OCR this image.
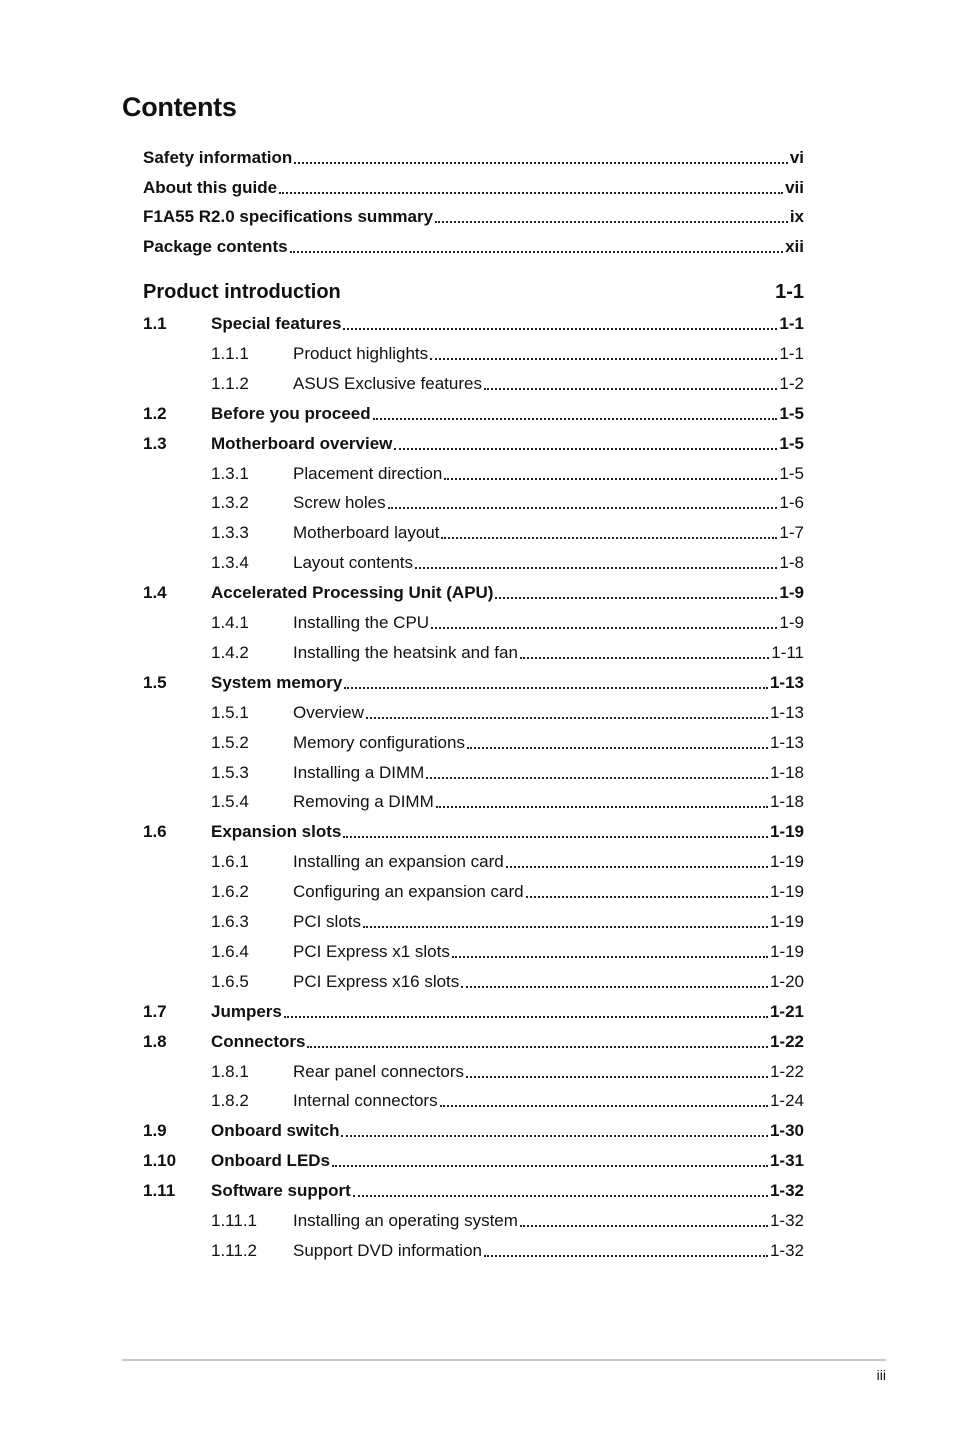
Contents
Safety information	vi
About this guide	vii
F1A55 R2.0 specifications summary	ix
Package contents	xii
Product introduction	1-1
1.1	Special features	1-1
1.1.1	Product highlights	1-1
1.1.2	ASUS Exclusive features	1-2
1.2	Before you proceed	1-5
1.3	Motherboard overview	1-5
1.3.1	Placement direction	1-5
1.3.2	Screw holes	1-6
1.3.3	Motherboard layout	1-7
1.3.4	Layout contents	1-8
1.4	Accelerated Processing Unit (APU)	1-9
1.4.1	Installing the CPU	1-9
1.4.2	Installing the heatsink and fan	1-11
1.5	System memory	1-13
1.5.1	Overview	1-13
1.5.2	Memory configurations	1-13
1.5.3	Installing a DIMM	1-18
1.5.4	Removing a DIMM	1-18
1.6	Expansion slots	1-19
1.6.1	Installing an expansion card	1-19
1.6.2	Configuring an expansion card	1-19
1.6.3	PCI slots	1-19
1.6.4	PCI Express x1 slots	1-19
1.6.5	PCI Express x16 slots	1-20
1.7	Jumpers	1-21
1.8	Connectors	1-22
1.8.1	Rear panel connectors	1-22
1.8.2	Internal connectors	1-24
1.9	Onboard switch	1-30
1.10	Onboard LEDs	1-31
1.11	Software support	1-32
1.11.1	Installing an operating system	1-32
1.11.2	Support DVD information	1-32
iii
